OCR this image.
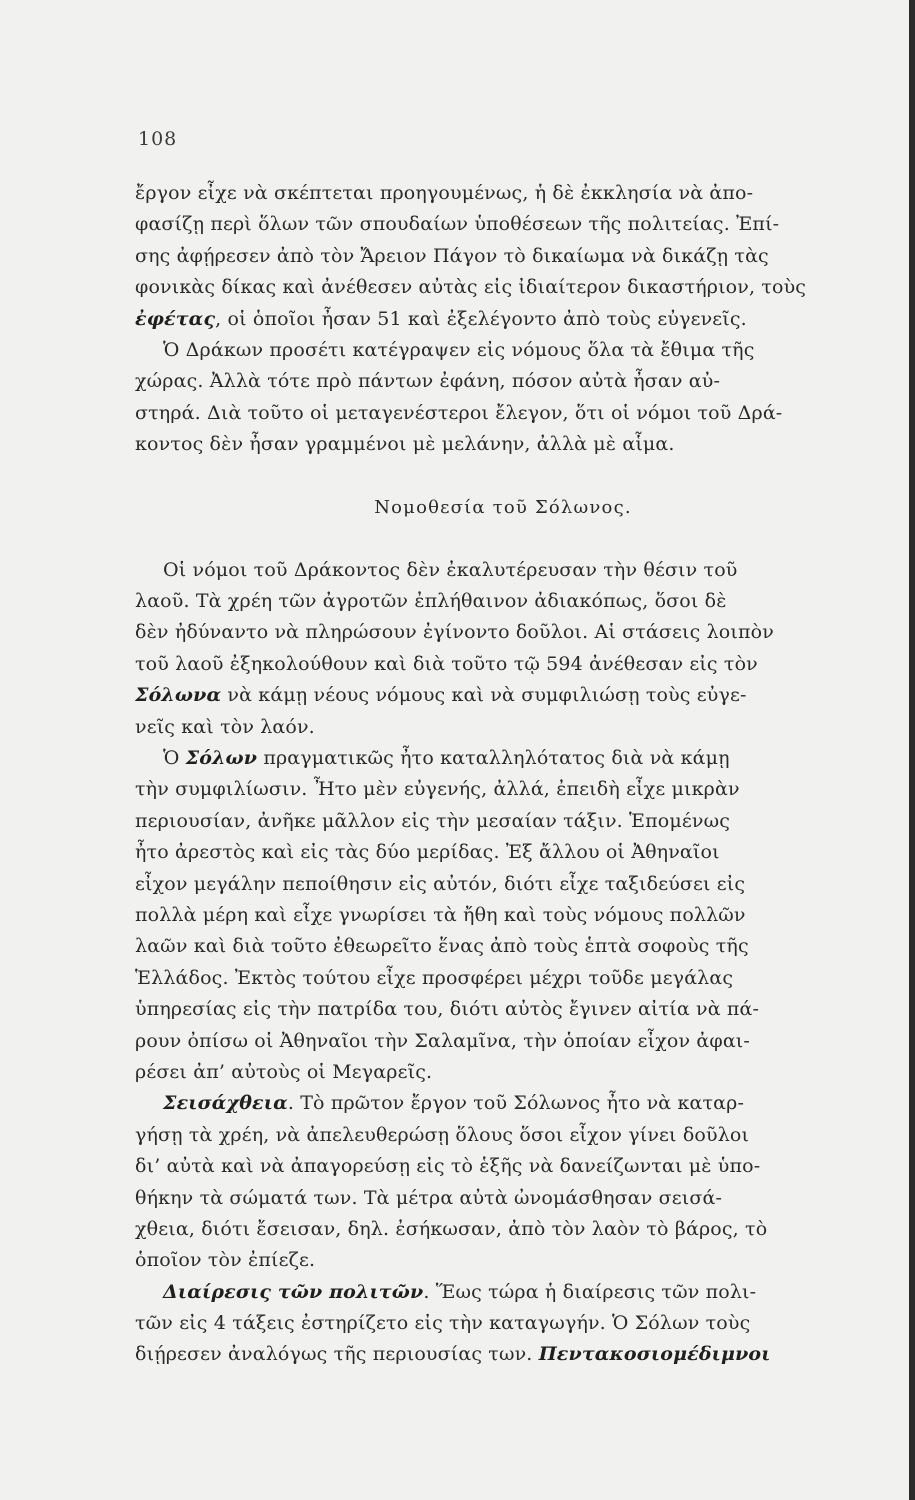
108
ἔργον εἶχε νὰ σκέπτεται προηγουμένως, ἡ δὲ ἐκκλησία νὰ ἀπο-
φασίζῃ περὶ ὅλων τῶν σπουδαίων ὑποθέσεων τῆς πολιτείας. Ἐπί-
σης ἀφῄρεσεν ἀπὸ τὸν Ἄρειον Πάγον τὸ δικαίωμα νὰ δικάζῃ τὰς
φονικὰς δίκας καὶ ἀνέθεσεν αὐτὰς εἰς ἰδιαίτερον δικαστήριον, τοὺς
ἐφέτας, οἱ ὁποῖοι ἦσαν 51 καὶ ἐξελέγοντο ἀπὸ τοὺς εὐγενεῖς.
Ὁ Δράκων προσέτι κατέγραψεν εἰς νόμους ὅλα τὰ ἔθιμα τῆς
χώρας. Ἀλλὰ τότε πρὸ πάντων ἐφάνη, πόσον αὐτὰ ἦσαν αὐ-
στηρά. Διὰ τοῦτο οἱ μεταγενέστεροι ἔλεγον, ὅτι οἱ νόμοι τοῦ Δρά-
κοντος δὲν ἦσαν γραμμένοι μὲ μελάνην, ἀλλὰ μὲ αἷμα.
Νομοθεσία τοῦ Σόλωνος.
Οἱ νόμοι τοῦ Δράκοντος δὲν ἐκαλυτέρευσαν τὴν θέσιν τοῦ
λαοῦ. Τὰ χρέη τῶν ἀγροτῶν ἐπλήθαινον ἀδιακόπως, ὅσοι δὲ
δὲν ἠδύναντο νὰ πληρώσουν ἐγίνοντο δοῦλοι. Αἱ στάσεις λοιπὸν
τοῦ λαοῦ ἐξηκολούθουν καὶ διὰ τοῦτο τῷ 594 ἀνέθεσαν εἰς τὸν
Σόλωνα νὰ κάμῃ νέους νόμους καὶ νὰ συμφιλιώσῃ τοὺς εὐγε-
νεῖς καὶ τὸν λαόν.
Ὁ Σόλων πραγματικῶς ἦτο καταλληλότατος διὰ νὰ κάμῃ
τὴν συμφιλίωσιν. Ἦτο μὲν εὐγενής, ἀλλά, ἐπειδὴ εἶχε μικρὰν
περιουσίαν, ἀνῆκε μᾶλλον εἰς τὴν μεσαίαν τάξιν. Ἑπομένως
ἦτο ἀρεστὸς καὶ εἰς τὰς δύο μερίδας. Ἐξ ἄλλου οἱ Ἀθηναῖοι
εἶχον μεγάλην πεποίθησιν εἰς αὐτόν, διότι εἶχε ταξιδεύσει εἰς
πολλὰ μέρη καὶ εἶχε γνωρίσει τὰ ἤθη καὶ τοὺς νόμους πολλῶν
λαῶν καὶ διὰ τοῦτο ἐθεωρεῖτο ἕνας ἀπὸ τοὺς ἑπτὰ σοφοὺς τῆς
Ἑλλάδος. Ἐκτὸς τούτου εἶχε προσφέρει μέχρι τοῦδε μεγάλας
ὑπηρεσίας εἰς τὴν πατρίδα του, διότι αὐτὸς ἔγινεν αἰτία νὰ πά-
ρουν ὀπίσω οἱ Ἀθηναῖοι τὴν Σαλαμῖνα, τὴν ὁποίαν εἶχον ἀφαι-
ρέσει ἀπ’ αὐτοὺς οἱ Μεγαρεῖς.
Σεισάχθεια. Τὸ πρῶτον ἔργον τοῦ Σόλωνος ἦτο νὰ καταρ-
γήσῃ τὰ χρέη, νὰ ἀπελευθερώσῃ ὅλους ὅσοι εἶχον γίνει δοῦλοι
δι’ αὐτὰ καὶ νὰ ἀπαγορεύσῃ εἰς τὸ ἑξῆς νὰ δανείζωνται μὲ ὑπο-
θήκην τὰ σώματά των. Τὰ μέτρα αὐτὰ ὠνομάσθησαν σεισά-
χθεια, διότι ἔσεισαν, δηλ. ἐσήκωσαν, ἀπὸ τὸν λαὸν τὸ βάρος, τὸ
ὁποῖον τὸν ἐπίεζε.
Διαίρεσις τῶν πολιτῶν. Ἕως τώρα ἡ διαίρεσις τῶν πολι-
τῶν εἰς 4 τάξεις ἐστηρίζετο εἰς τὴν καταγωγήν. Ὁ Σόλων τοὺς
διῄρεσεν ἀναλόγως τῆς περιουσίας των. Πεντακοσιομέδιμνοι
